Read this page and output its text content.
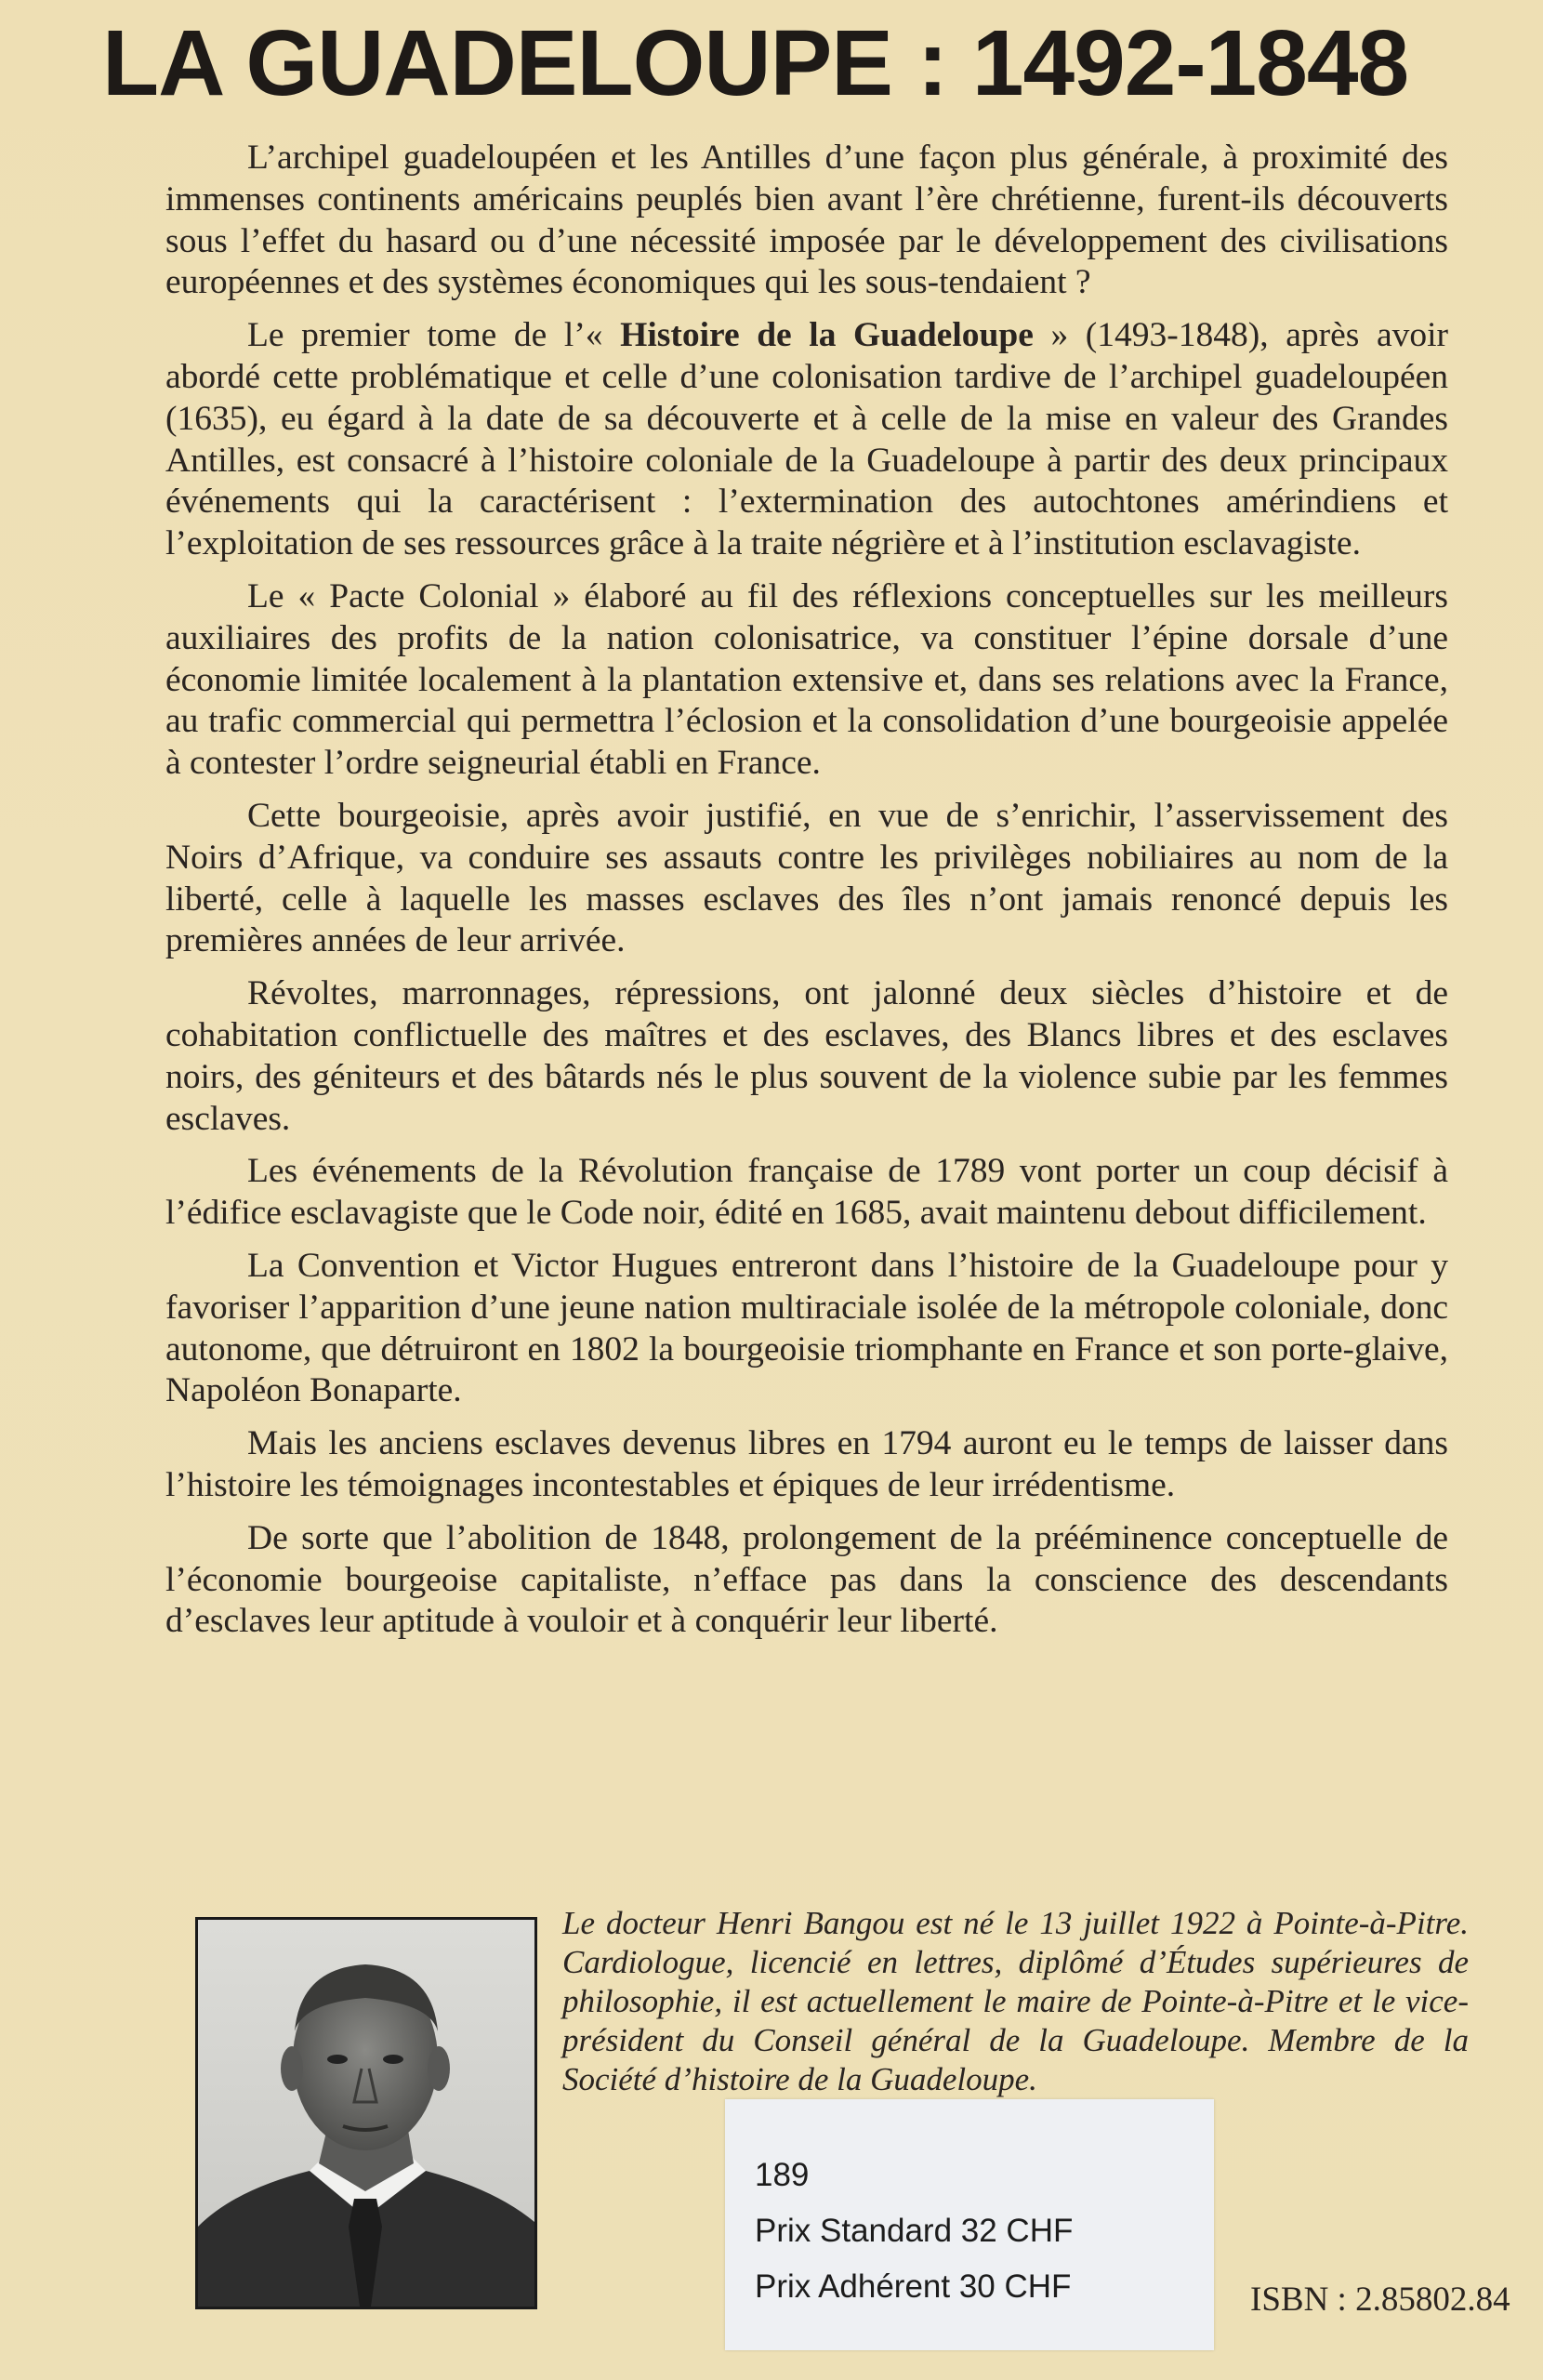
LA GUADELOUPE : 1492-1848

L’archipel guadeloupéen et les Antilles d’une façon plus générale, à proximité des immenses continents américains peuplés bien avant l’ère chrétienne, furent-ils découverts sous l’effet du hasard ou d’une nécessité imposée par le développement des civilisations européennes et des systèmes économiques qui les sous-tendaient ?

Le premier tome de l’« Histoire de la Guadeloupe » (1493-1848), après avoir abordé cette problématique et celle d’une colonisation tardive de l’archipel guadeloupéen (1635), eu égard à la date de sa découverte et à celle de la mise en valeur des Grandes Antilles, est consacré à l’histoire coloniale de la Guadeloupe à partir des deux principaux événements qui la caractérisent : l’extermination des autochtones amérindiens et l’exploitation de ses ressources grâce à la traite négrière et à l’institution esclavagiste.

Le « Pacte Colonial » élaboré au fil des réflexions conceptuelles sur les meilleurs auxiliaires des profits de la nation colonisatrice, va constituer l’épine dorsale d’une économie limitée localement à la plantation extensive et, dans ses relations avec la France, au trafic commercial qui permettra l’éclosion et la consolidation d’une bourgeoisie appelée à contester l’ordre seigneurial établi en France.

Cette bourgeoisie, après avoir justifié, en vue de s’enrichir, l’asservissement des Noirs d’Afrique, va conduire ses assauts contre les privilèges nobiliaires au nom de la liberté, celle à laquelle les masses esclaves des îles n’ont jamais renoncé depuis les premières années de leur arrivée.

Révoltes, marronnages, répressions, ont jalonné deux siècles d’histoire et de cohabitation conflictuelle des maîtres et des esclaves, des Blancs libres et des esclaves noirs, des géniteurs et des bâtards nés le plus souvent de la violence subie par les femmes esclaves.

Les événements de la Révolution française de 1789 vont porter un coup décisif à l’édifice esclavagiste que le Code noir, édité en 1685, avait maintenu debout difficilement.

La Convention et Victor Hugues entreront dans l’histoire de la Guadeloupe pour y favoriser l’apparition d’une jeune nation multiraciale isolée de la métropole coloniale, donc autonome, que détruiront en 1802 la bourgeoisie triomphante en France et son porte-glaive, Napoléon Bonaparte.

Mais les anciens esclaves devenus libres en 1794 auront eu le temps de laisser dans l’histoire les témoignages incontestables et épiques de leur irrédentisme.

De sorte que l’abolition de 1848, prolongement de la prééminence conceptuelle de l’économie bourgeoise capitaliste, n’efface pas dans la conscience des descendants d’esclaves leur aptitude à vouloir et à conquérir leur liberté.

Le docteur Henri Bangou est né le 13 juillet 1922 à Pointe-à-Pitre. Cardiologue, licencié en lettres, diplômé d’Études supérieures de philosophie, il est actuellement le maire de Pointe-à-Pitre et le vice-président du Conseil général de la Guadeloupe. Membre de la Société d’histoire de la Guadeloupe.
ISBN : 2.85802.84
189
Prix Standard 32 CHF
Prix Adhérent 30 CHF
